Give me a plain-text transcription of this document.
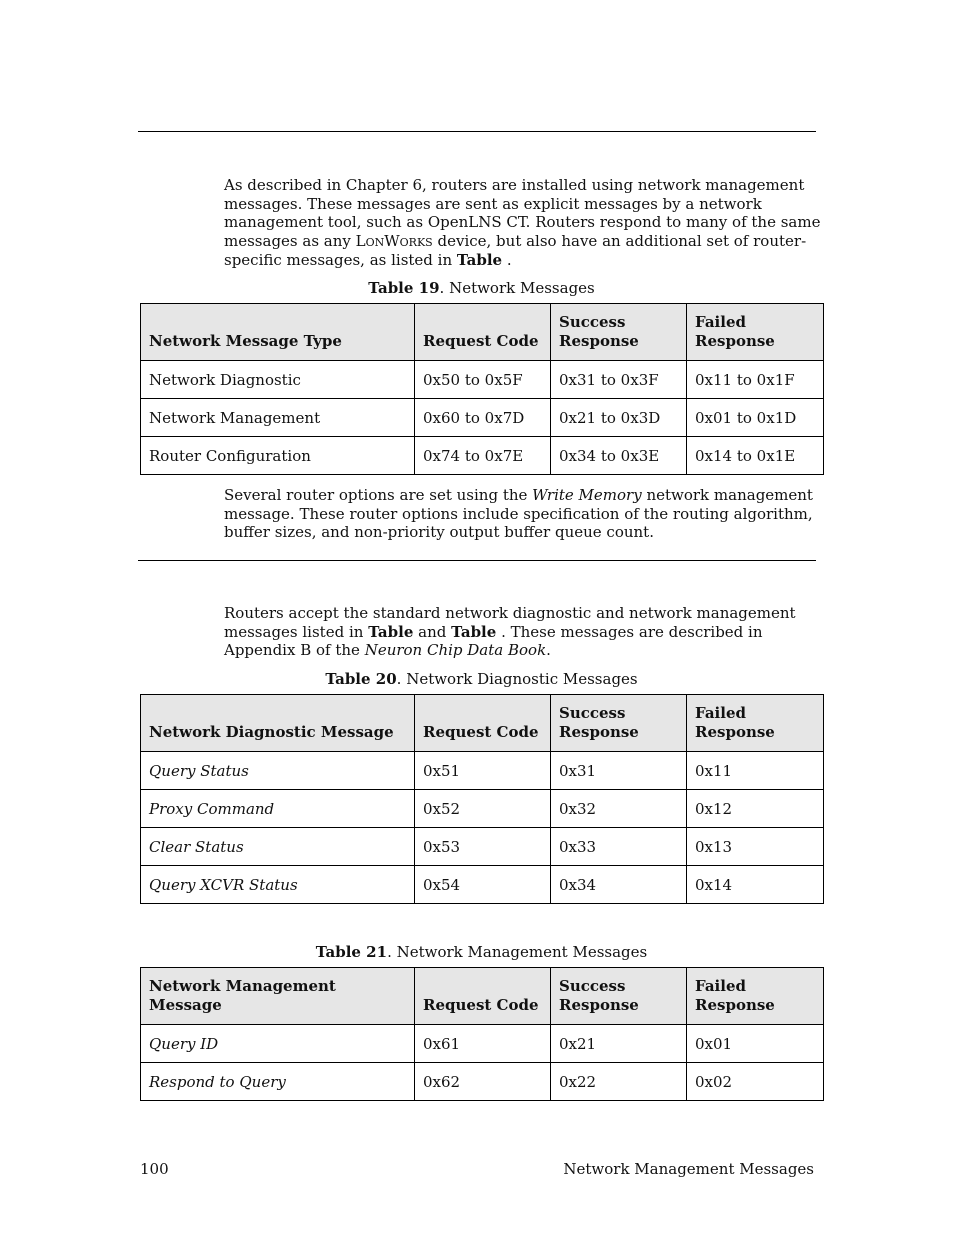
As described in Chapter 6, routers are installed using network management messages. These messages are sent as explicit messages by a network management tool, such as OpenLNS CT. Routers respond to many of the same messages as any LonWorks device, but also have an additional set of router-specific messages, as listed in Table .
Table 19. Network Messages
Network Message Type	Request Code	Success Response	Failed Response
Network Diagnostic	0x50 to 0x5F	0x31 to 0x3F	0x11 to 0x1F
Network Management	0x60 to 0x7D	0x21 to 0x3D	0x01 to 0x1D
Router Configuration	0x74 to 0x7E	0x34 to 0x3E	0x14 to 0x1E
Several router options are set using the Write Memory network management message. These router options include specification of the routing algorithm, buffer sizes, and non-priority output buffer queue count.
Routers accept the standard network diagnostic and network management messages listed in Table and Table . These messages are described in Appendix B of the Neuron Chip Data Book.
Table 20. Network Diagnostic Messages
Network Diagnostic Message	Request Code	Success Response	Failed Response
Query Status	0x51	0x31	0x11
Proxy Command	0x52	0x32	0x12
Clear Status	0x53	0x33	0x13
Query XCVR Status	0x54	0x34	0x14
Table 21. Network Management Messages
Network Management Message	Request Code	Success Response	Failed Response
Query ID	0x61	0x21	0x01
Respond to Query	0x62	0x22	0x02
100	Network Management Messages
